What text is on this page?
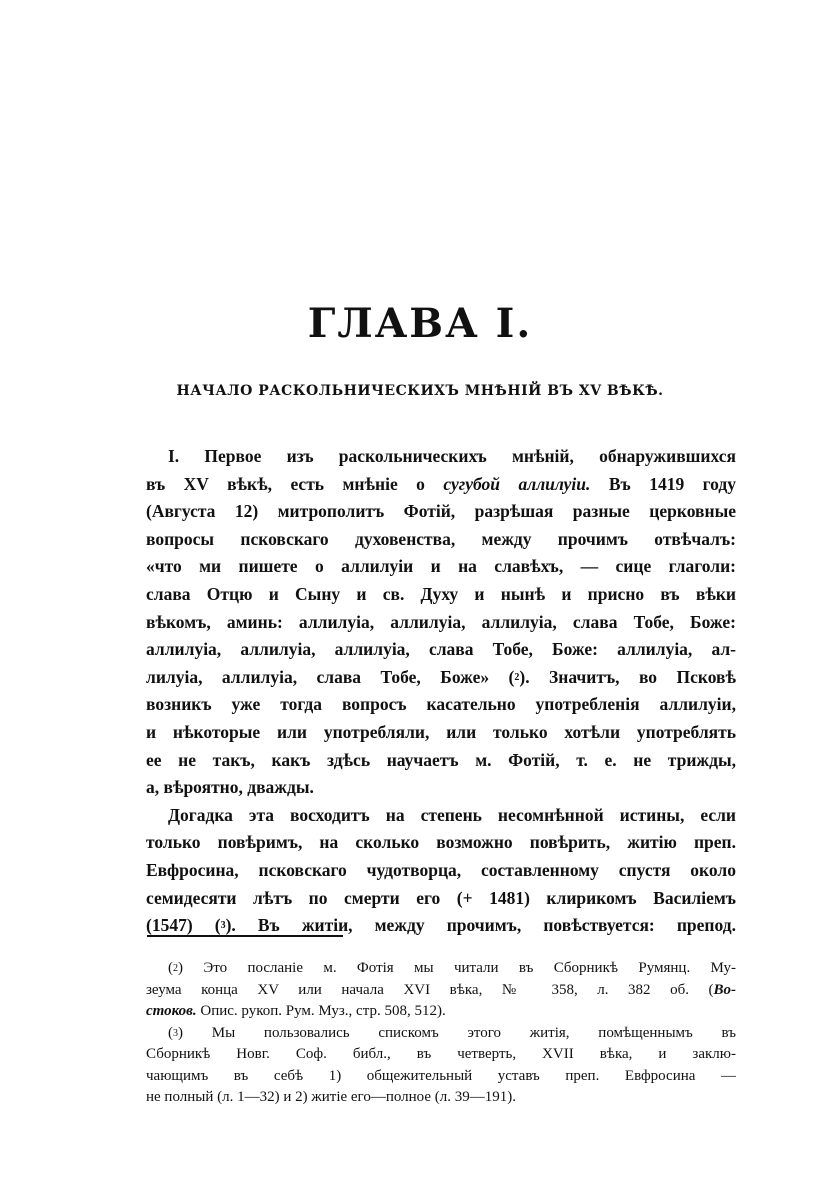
ГЛАВА I.
НАЧАЛО РАСКОЛЬНИЧЕСКИХЪ МНѢНІЙ ВЪ XV ВѢКѢ.
I. Первое изъ раскольническихъ мнѣній, обнаружившихся
въ XV вѣкѣ, есть мнѣніе о сугубой аллилуіи. Въ 1419 году
(Августа 12) митрополитъ Фотій, разрѣшая разные церковные
вопросы псковскаго духовенства, между прочимъ отвѣчалъ:
«что ми пишете о аллилуіи и на славѣхъ, — сице глаголи:
слава Отцю и Сыну и св. Духу и нынѣ и присно въ вѣки
вѣкомъ, аминь: аллилуіа, аллилуіа, аллилуіа, слава Тобе, Боже:
аллилуіа, аллилуіа, аллилуіа, слава Тобе, Боже: аллилуіа, ал-
лилуіа, аллилуіа, слава Тобе, Боже» ($^2$). Значитъ, во Псковѣ
возникъ уже тогда вопросъ касательно употребленія аллилуіи,
и нѣкоторые или употребляли, или только хотѣли употреблять
ее не такъ, какъ здѣсь научаетъ м. Фотій, т. е. не трижды,
а, вѣроятно, дважды.
Догадка эта восходитъ на степень несомнѣнной истины, если
только повѣримъ, на сколько возможно повѣрить, житію преп.
Евфросина, псковскаго чудотворца, составленному спустя около
семидесяти лѣтъ по смерти его (+ 1481) клирикомъ Василіемъ
(1547) ($^3$). Въ житіи, между прочимъ, повѣствуется: препод.
($^2$) Это посланіе м. Фотія мы читали въ Сборникѣ Румянц. Му-
зеума конца XV или начала XVI вѣка, № 358, л. 382 об. (Во-
стоков. Опис. рукоп. Рум. Муз., стр. 508, 512).
($^3$) Мы пользовались спискомъ этого житія, помѣщеннымъ въ
Сборникѣ Новг. Соф. библ., въ четверть, XVII вѣка, и заклю-
чающимъ въ себѣ 1) общежительный уставъ преп. Евфросина —
не полный (л. 1—32) и 2) житіе его—полное (л. 39—191).
